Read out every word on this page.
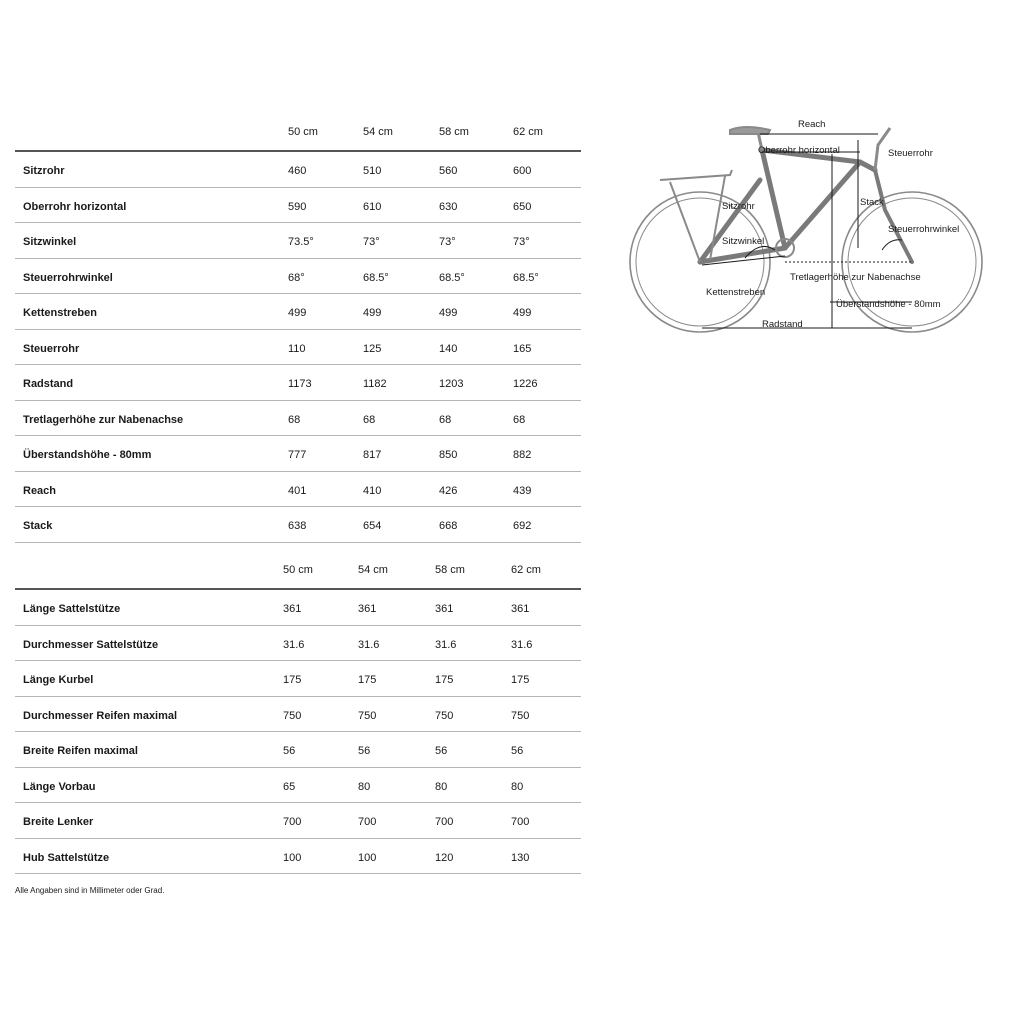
50 cm	54 cm	58 cm	62 cm
Sitzrohr	460	510	560	600
Oberrohr horizontal	590	610	630	650
Sitzwinkel	73.5°	73°	73°	73°
Steuerrohrwinkel	68°	68.5°	68.5°	68.5°
Kettenstreben	499	499	499	499
Steuerrohr	110	125	140	165
Radstand	1173	1182	1203	1226
Tretlagerhöhe zur Nabenachse	68	68	68	68
Überstandshöhe - 80mm	777	817	850	882
Reach	401	410	426	439
Stack	638	654	668	692
50 cm	54 cm	58 cm	62 cm
Länge Sattelstütze	361	361	361	361
Durchmesser Sattelstütze	31.6	31.6	31.6	31.6
Länge Kurbel	175	175	175	175
Durchmesser Reifen maximal	750	750	750	750
Breite Reifen maximal	56	56	56	56
Länge Vorbau	65	80	80	80
Breite Lenker	700	700	700	700
Hub Sattelstütze	100	100	120	130
Alle Angaben sind in Millimeter oder Grad.
Reach
Oberrohr horizontal	Steuerrohr
Stack
Sitzrohr
Sitzwinkel
Steuerrohrwinkel
Tretlagerhöhe zur Nabenachse
Kettenstreben
Überstandshöhe - 80mm
Radstand
